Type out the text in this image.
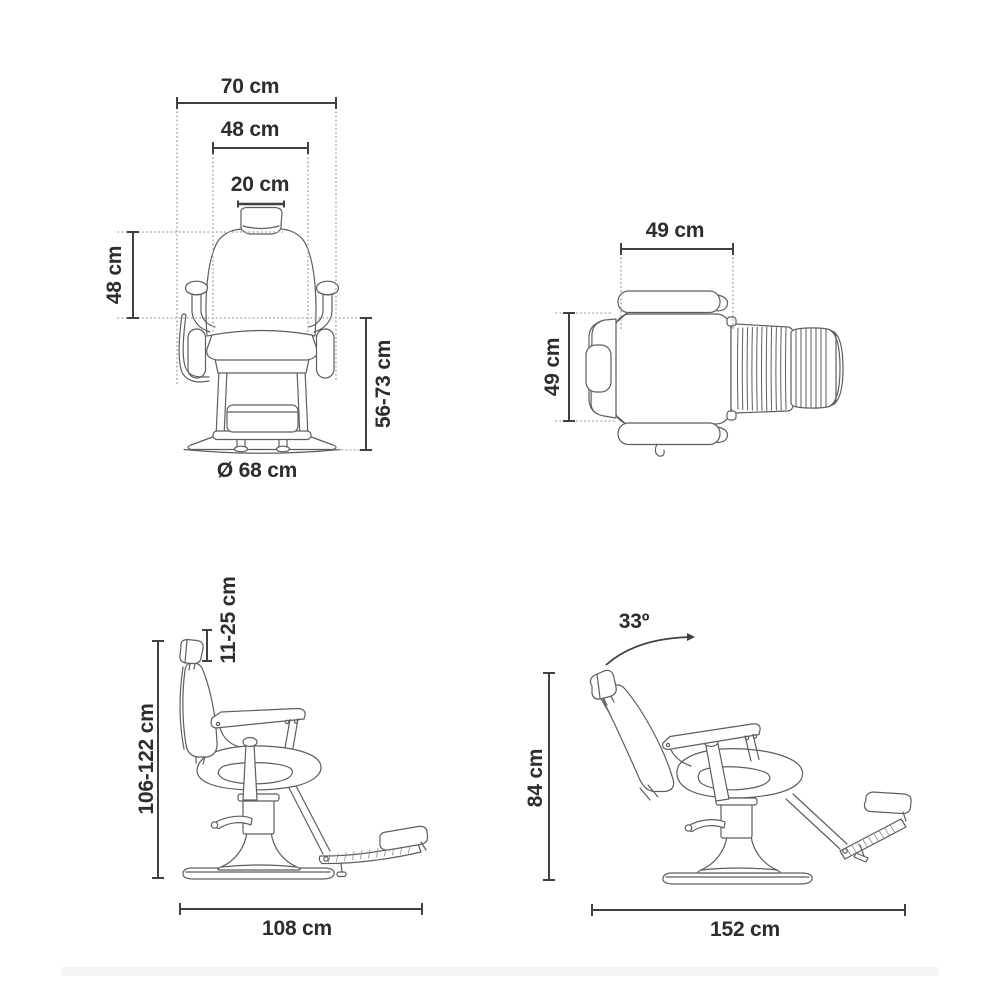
70 cm
48 cm
20 cm
48 cm
56-73 cm
Ø 68 cm
49 cm
49 cm
11-25 cm
106-122 cm
108 cm
33º
84 cm
152 cm
